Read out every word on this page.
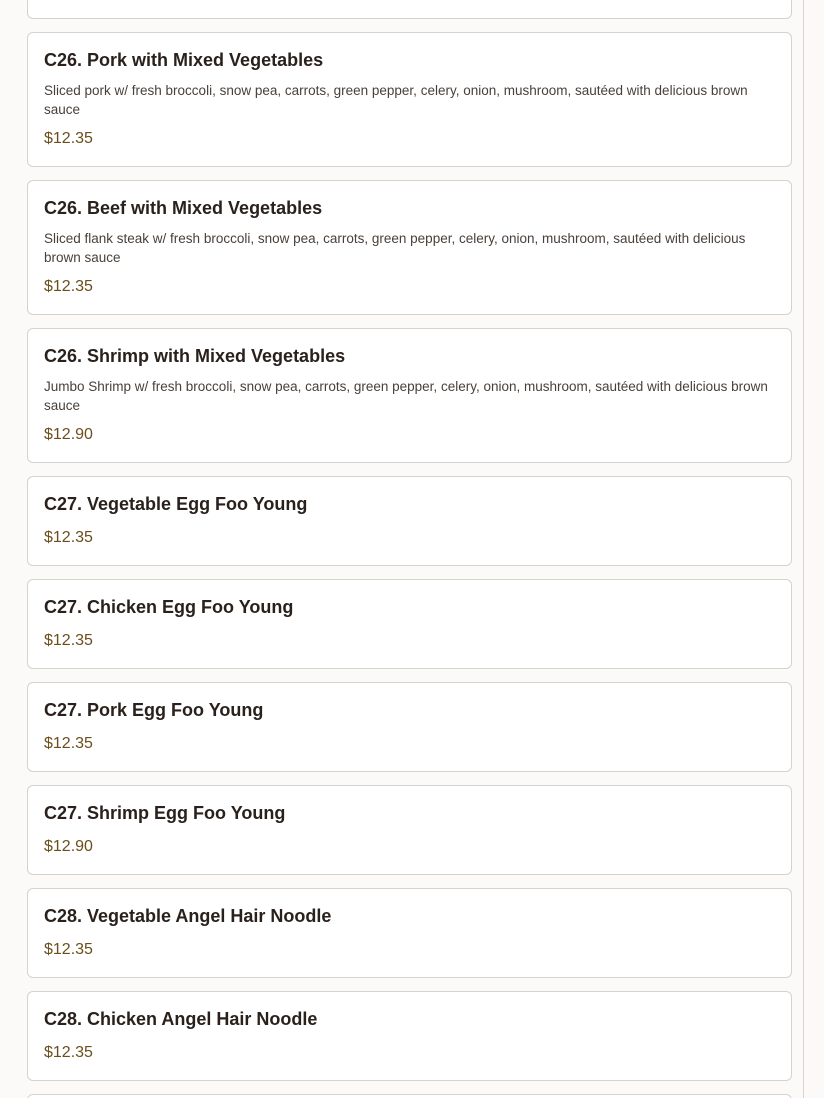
C26. Pork with Mixed Vegetables

Sliced pork w/ fresh broccoli, snow pea, carrots, green pepper, celery, onion, mushroom, sautéed with delicious brown sauce

$12.35

C26. Beef with Mixed Vegetables

Sliced flank steak w/ fresh broccoli, snow pea, carrots, green pepper, celery, onion, mushroom, sautéed with delicious brown sauce

$12.35

C26. Shrimp with Mixed Vegetables

Jumbo Shrimp w/ fresh broccoli, snow pea, carrots, green pepper, celery, onion, mushroom, sautéed with delicious brown sauce

$12.90

C27. Vegetable Egg Foo Young

$12.35

C27. Chicken Egg Foo Young

$12.35

C27. Pork Egg Foo Young

$12.35

C27. Shrimp Egg Foo Young

$12.90

C28. Vegetable Angel Hair Noodle

$12.35

C28. Chicken Angel Hair Noodle

$12.35
